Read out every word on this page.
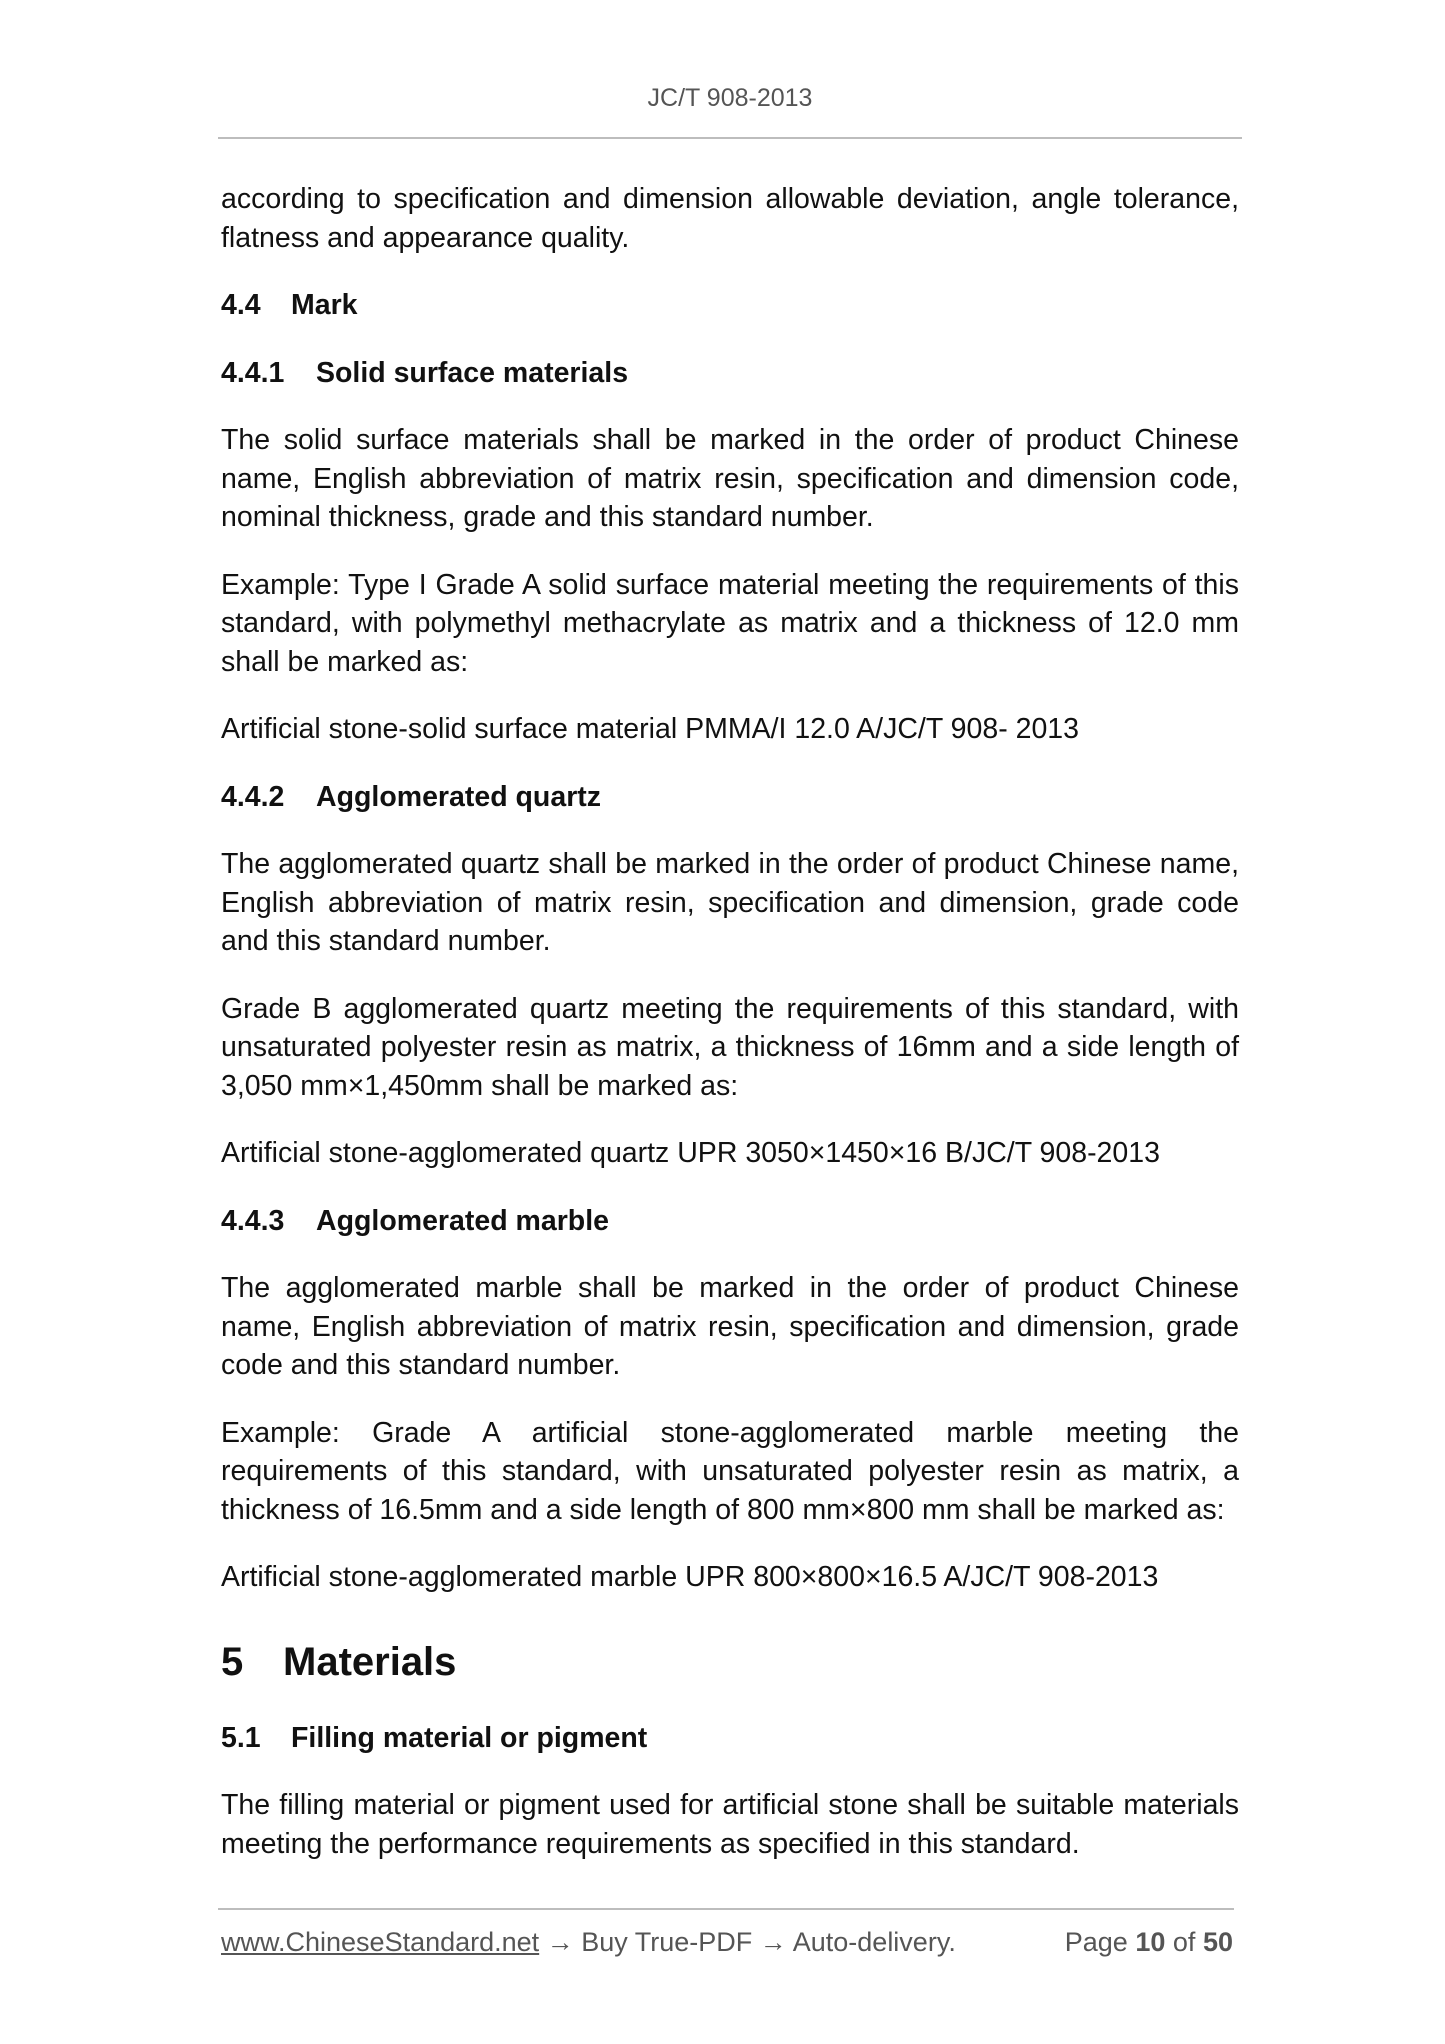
JC/T 908-2013

according to specification and dimension allowable deviation, angle tolerance, flatness and appearance quality.

4.4 Mark
4.4.1 Solid surface materials

The solid surface materials shall be marked in the order of product Chinese name, English abbreviation of matrix resin, specification and dimension code, nominal thickness, grade and this standard number.

Example: Type I Grade A solid surface material meeting the requirements of this standard, with polymethyl methacrylate as matrix and a thickness of 12.0 mm shall be marked as:

Artificial stone-solid surface material PMMA/I 12.0 A/JC/T 908- 2013

4.4.2 Agglomerated quartz

The agglomerated quartz shall be marked in the order of product Chinese name, English abbreviation of matrix resin, specification and dimension, grade code and this standard number.

Grade B agglomerated quartz meeting the requirements of this standard, with unsaturated polyester resin as matrix, a thickness of 16mm and a side length of 3,050 mm×1,450mm shall be marked as:

Artificial stone-agglomerated quartz UPR 3050×1450×16 B/JC/T 908-2013

4.4.3 Agglomerated marble

The agglomerated marble shall be marked in the order of product Chinese name, English abbreviation of matrix resin, specification and dimension, grade code and this standard number.

Example: Grade A artificial stone-agglomerated marble meeting the requirements of this standard, with unsaturated polyester resin as matrix, a thickness of 16.5mm and a side length of 800 mm×800 mm shall be marked as:

Artificial stone-agglomerated marble UPR 800×800×16.5 A/JC/T 908-2013

5 Materials
5.1 Filling material or pigment

The filling material or pigment used for artificial stone shall be suitable materials meeting the performance requirements as specified in this standard.

www.ChineseStandard.net → Buy True-PDF → Auto-delivery.	Page 10 of 50
